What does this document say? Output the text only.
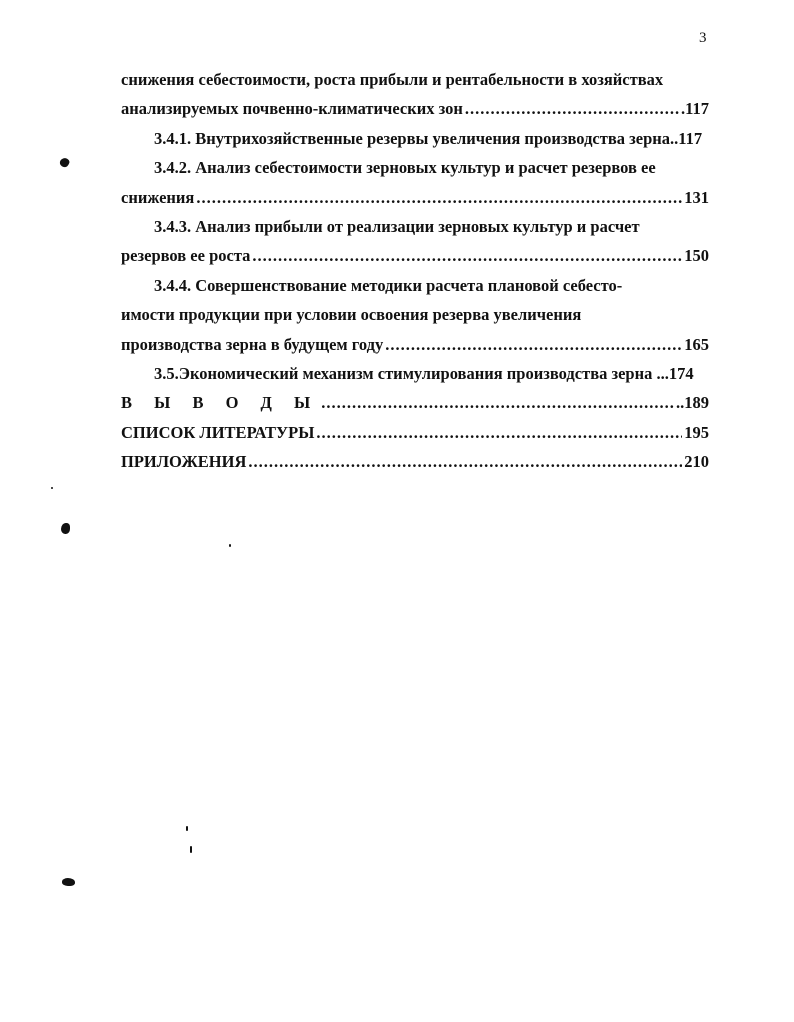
3
снижения себестоимости, роста прибыли и рентабельности в хозяйствах
анализируемых почвенно-климатических зон .....	.117
3.4.1. Внутрихозяйственные резервы увеличения производства зерна..117
3.4.2. Анализ себестоимости зерновых культур и расчет резервов ее
снижения .....	131
3.4.3. Анализ прибыли от реализации зерновых культур и расчет
резервов ее роста .....	150
3.4.4. Совершенствование методики расчета плановой себесто-
имости продукции при условии освоения резерва увеличения
производства зерна в будущем году .....	165
3.5.Экономический механизм стимулирования производства зерна ...174
В Ы В О Д Ы .....	..189
СПИСОК ЛИТЕРАТУРЫ .....	195
ПРИЛОЖЕНИЯ .....	210
